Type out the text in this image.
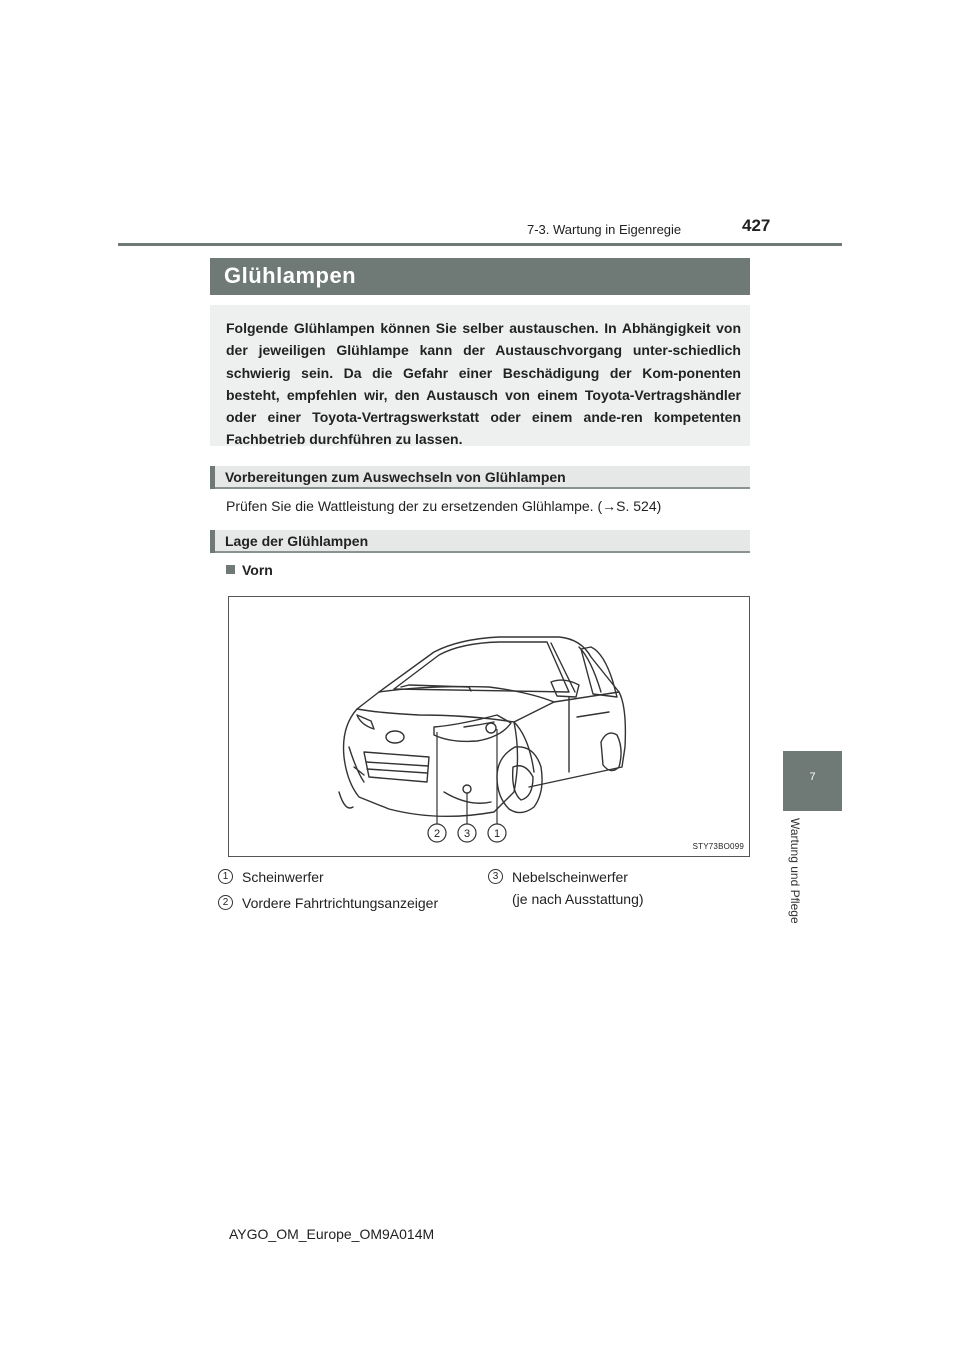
7-3. Wartung in Eigenregie	427
7
Wartung und Pflege
Glühlampen
Folgende Glühlampen können Sie selber austauschen. In Abhängigkeit von der jeweiligen Glühlampe kann der Austauschvorgang unter-schiedlich schwierig sein. Da die Gefahr einer Beschädigung der Kom-ponenten besteht, empfehlen wir, den Austausch von einem Toyota-Vertragshändler oder einer Toyota-Vertragswerkstatt oder einem ande-ren kompetenten Fachbetrieb durchführen zu lassen.
Vorbereitungen zum Auswechseln von Glühlampen
Prüfen Sie die Wattleistung der zu ersetzenden Glühlampe. (→S. 524)
Lage der Glühlampen
Vorn
2 3 1
STY73BO099
1 Scheinwerfer
2 Vordere Fahrtrichtungsanzeiger
3 Nebelscheinwerfer
(je nach Ausstattung)
AYGO_OM_Europe_OM9A014M
